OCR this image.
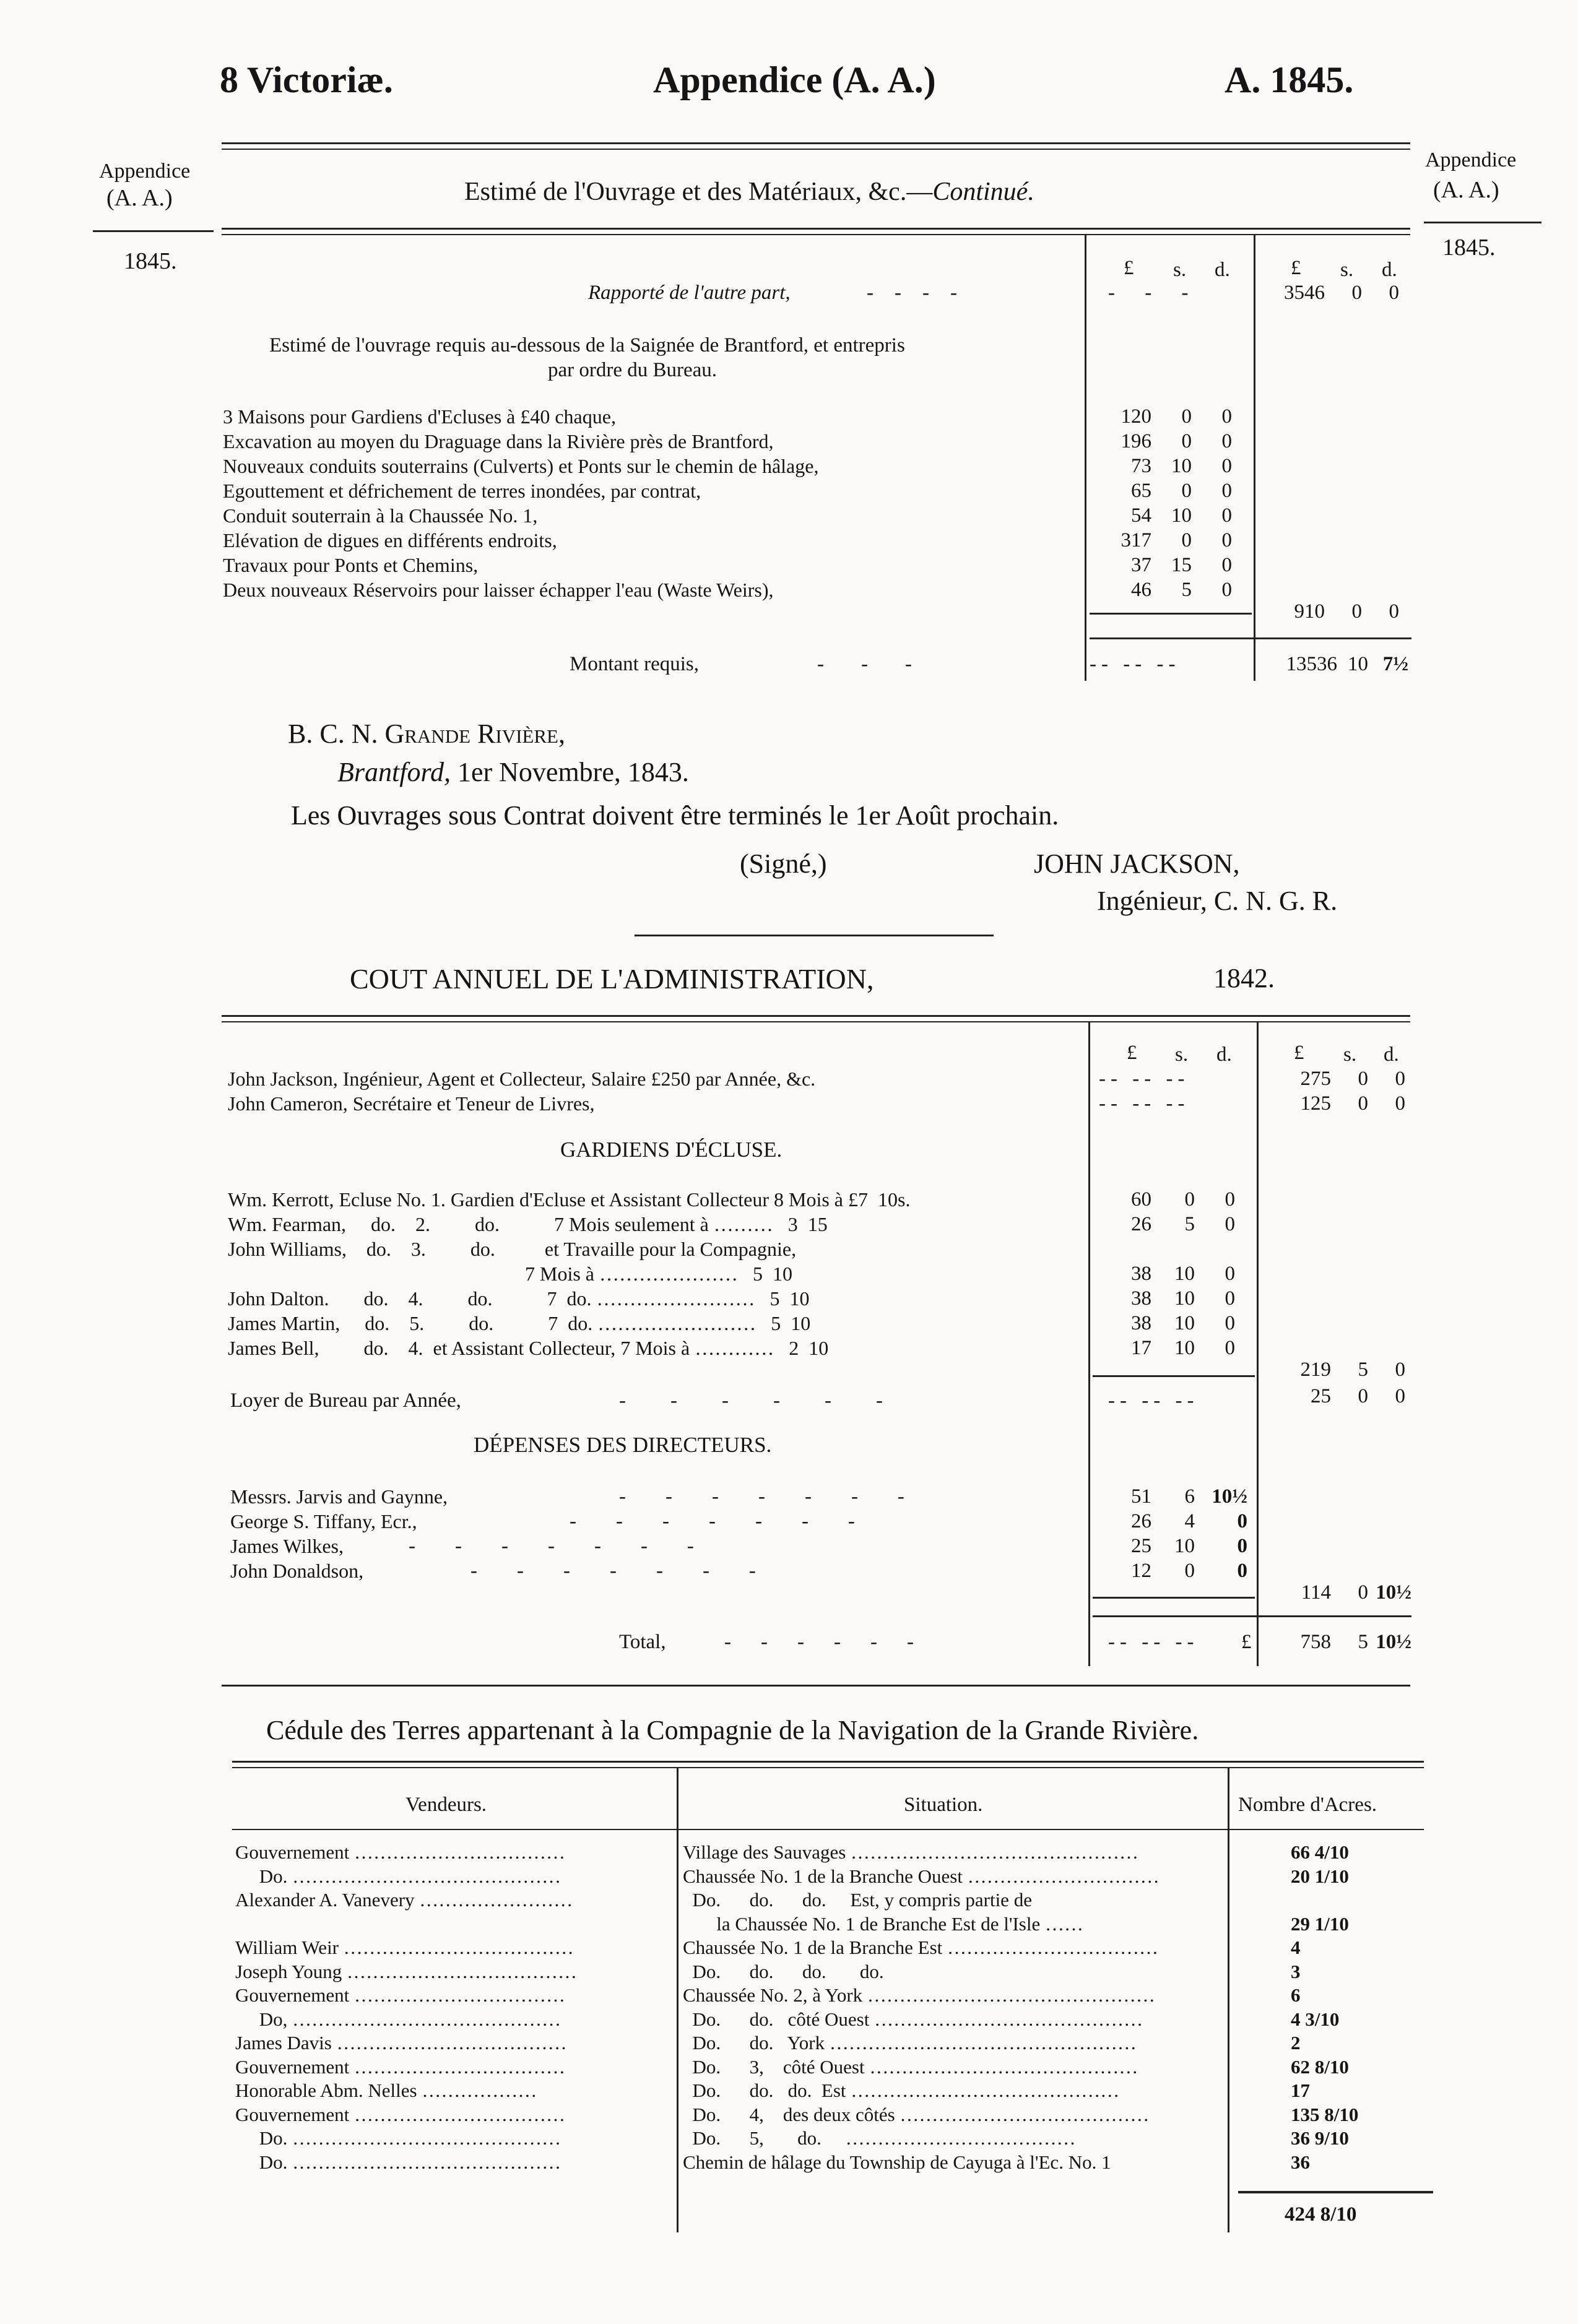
8 Victoriæ.	Appendice (A. A.)	A. 1845.
Appendice
(A. A.)
1845.
Appendice
(A. A.)
1845.
Estimé de l'Ouvrage et des Matériaux, &c.—Continué.
£ s. d.	£ s. d.
Rapporté de l'autre part,	----	- - -	3546	0	0
Estimé de l'ouvrage requis au-dessous de la Saignée de Brantford, et entrepris
par ordre du Bureau.
3 Maisons pour Gardiens d'Ecluses à £40 chaque,	120	0	0
Excavation au moyen du Draguage dans la Rivière près de Brantford,	196	0	0
Nouveaux conduits souterrains (Culverts) et Ponts sur le chemin de hâlage,	73 10	0
Egouttement et défrichement de terres inondées, par contrat,	65	0	0
Conduit souterrain à la Chaussée No. 1,	54 10	0
Elévation de digues en différents endroits,	317	0	0
Travaux pour Ponts et Chemins,	37 15	0
Deux nouveaux Réservoirs pour laisser échapper l'eau (Waste Weirs),	46	5	0
910	0	0
Montant requis,	---	-- -- --	13536 10 7½
B. C. N. Grande Rivière,
Brantford, 1er Novembre, 1843.
Les Ouvrages sous Contrat doivent être terminés le 1er Août prochain.
(Signé,)	JOHN JACKSON,
Ingénieur, C. N. G. R.
COUT ANNUEL DE L'ADMINISTRATION,	1842.
£ s. d.	£ s. d.
John Jackson, Ingénieur, Agent et Collecteur, Salaire £250 par Année, &c.	-- -- --	275	0	0
John Cameron, Secrétaire et Teneur de Livres,	-- -- --	125	0	0
GARDIENS D'ÉCLUSE.
Wm. Kerrott, Ecluse No. 1. Gardien d'Ecluse et Assistant Collecteur 8 Mois à £7  10s.	60	0	0
Wm. Fearman,     do.    2.         do.           7 Mois seulement à ………   3  15	26	5	0
John Williams,    do.    3.         do.          et Travaille pour la Compagnie,
7 Mois à …………………   5  10	38	10	0
John Dalton.       do.    4.         do.           7  do. ……………………   5  10	38	10	0
James Martin,     do.    5.         do.           7  do. ……………………   5  10	38	10	0
James Bell,         do.    4.  et Assistant Collecteur, 7 Mois à …………   2  10	17	10	0
219	5	0
Loyer de Bureau par Année,	------	-- -- --	25	0	0
DÉPENSES DES DIRECTEURS.
Messrs. Jarvis and Gaynne,	-------	51	6 10½
George S. Tiffany, Ecr.,	-------	26	4	0
James Wilkes,	-------	25	10	0
John Donaldson,	-------	12	0	0
114	0 10½
Total,	------	-- -- -- £	758	5 10½
Cédule des Terres appartenant à la Compagnie de la Navigation de la Grande Rivière.
Vendeurs.	Situation.	Nombre d'Acres.
Gouvernement ……………………………	Village des Sauvages ………………………………………	66 4/10
Do. ……………………………………	Chaussée No. 1 de la Branche Ouest …………………………	20 1/10
Alexander A. Vanevery ……………………	Do.      do.      do.     Est, y compris partie de
la Chaussée No. 1 de Branche Est de l'Isle ……	29 1/10
William Weir ………………………………	Chaussée No. 1 de la Branche Est ……………………………	4
Joseph Young ………………………………	Do.      do.      do.       do.	3
Gouvernement ……………………………	Chaussée No. 2, à York ………………………………………	6
Do, ……………………………………	Do.      do.   côté Ouest ……………………………………	4 3/10
James Davis ………………………………	Do.      do.   York …………………………………………	2
Gouvernement ……………………………	Do.      3,    côté Ouest ……………………………………	62 8/10
Honorable Abm. Nelles ………………	Do.      do.   do.  Est ……………………………………	17
Gouvernement ……………………………	Do.      4,    des deux côtés …………………………………	135 8/10
Do. ……………………………………	Do.      5,       do.     ………………………………	36 9/10
Do. ……………………………………	Chemin de hâlage du Township de Cayuga à l'Ec. No. 1	36
424 8/10
